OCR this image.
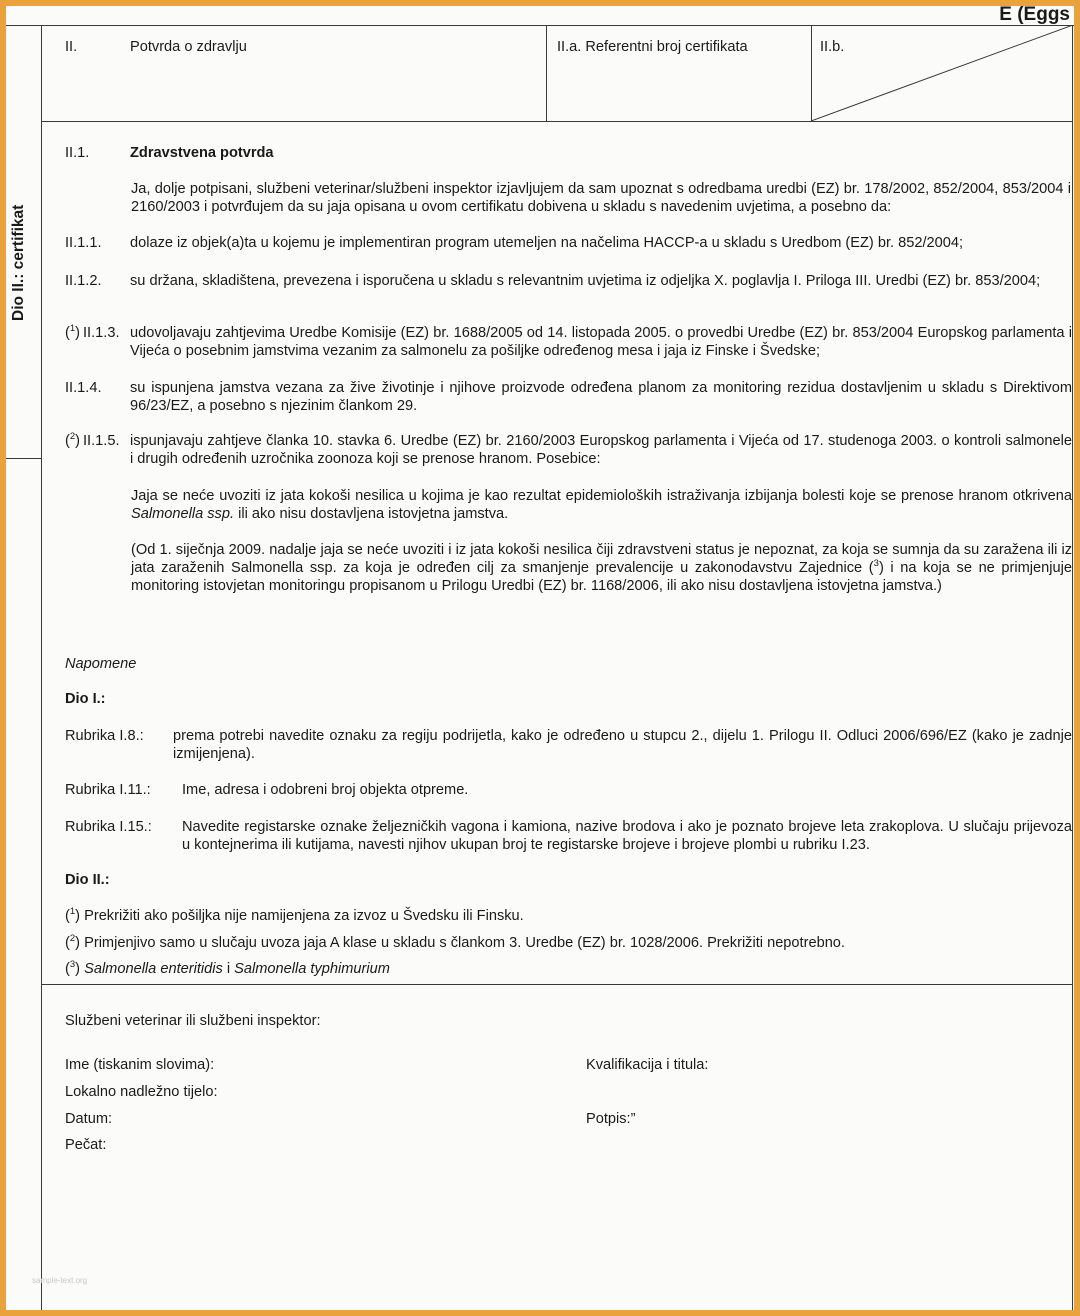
E (Eggs
Dio II.: certifikat
II.	Potvrda o zdravlju	II.a. Referentni broj certifikata	II.b.
II.1.	Zdravstvena potvrda
Ja, dolje potpisani, službeni veterinar/službeni inspektor izjavljujem da sam upoznat s odredbama uredbi (EZ) br. 178/2002, 852/2004, 853/2004 i 2160/2003 i potvrđujem da su jaja opisana u ovom certifikatu dobivena u skladu s navedenim uvjetima, a posebno da:
II.1.1. dolaze iz objek(a)ta u kojemu je implementiran program utemeljen na načelima HACCP-a u skladu s Uredbom (EZ) br. 852/2004;
II.1.2. su držana, skladištena, prevezena i isporučena u skladu s relevantnim uvjetima iz odjeljka X. poglavlja I. Priloga III. Uredbi (EZ) br. 853/2004;
($^1$) II.1.3. udovoljavaju zahtjevima Uredbe Komisije (EZ) br. 1688/2005 od 14. listopada 2005. o provedbi Uredbe (EZ) br. 853/2004 Europskog parlamenta i Vijeća o posebnim jamstvima vezanim za salmonelu za pošiljke određenog mesa i jaja iz Finske i Švedske;
II.1.4. su ispunjena jamstva vezana za žive životinje i njihove proizvode određena planom za monitoring rezidua dostavljenim u skladu s Direktivom 96/23/EZ, a posebno s njezinim člankom 29.
($^2$) II.1.5. ispunjavaju zahtjeve članka 10. stavka 6. Uredbe (EZ) br. 2160/2003 Europskog parlamenta i Vijeća od 17. studenoga 2003. o kontroli salmonele i drugih određenih uzročnika zoonoza koji se prenose hranom. Posebice:
Jaja se neće uvoziti iz jata kokoši nesilica u kojima je kao rezultat epidemioloških istraživanja izbijanja bolesti koje se prenose hranom otkrivena Salmonella ssp. ili ako nisu dostavljena istovjetna jamstva.
(Od 1. siječnja 2009. nadalje jaja se neće uvoziti i iz jata kokoši nesilica čiji zdravstveni status je nepoznat, za koja se sumnja da su zaražena ili iz jata zaraženih Salmonella ssp. za koja je određen cilj za smanjenje prevalencije u zakonodavstvu Zajednice ($^3$) i na koja se ne primjenjuje monitoring istovjetan monitoringu propisanom u Prilogu Uredbi (EZ) br. 1168/2006, ili ako nisu dostavljena istovjetna jamstva.)
Napomene
Dio I.:
Rubrika I.8.: prema potrebi navedite oznaku za regiju podrijetla, kako je određeno u stupcu 2., dijelu 1. Prilogu II. Odluci 2006/696/EZ (kako je zadnje izmijenjena).
Rubrika I.11.: Ime, adresa i odobreni broj objekta otpreme.
Rubrika I.15.: Navedite registarske oznake željezničkih vagona i kamiona, nazive brodova i ako je poznato brojeve leta zrakoplova. U slučaju prijevoza u kontejnerima ili kutijama, navesti njihov ukupan broj te registarske brojeve i brojeve plombi u rubriku I.23.
Dio II.:
($^1$) Prekrižiti ako pošiljka nije namijenjena za izvoz u Švedsku ili Finsku.
($^2$) Primjenjivo samo u slučaju uvoza jaja A klase u skladu s člankom 3. Uredbe (EZ) br. 1028/2006. Prekrižiti nepotrebno.
($^3$) Salmonella enteritidis i Salmonella typhimurium
Službeni veterinar ili službeni inspektor:
Ime (tiskanim slovima):	Kvalifikacija i titula:
Lokalno nadležno tijelo:
Datum:	Potpis:”
Pečat:
sample-text.org
